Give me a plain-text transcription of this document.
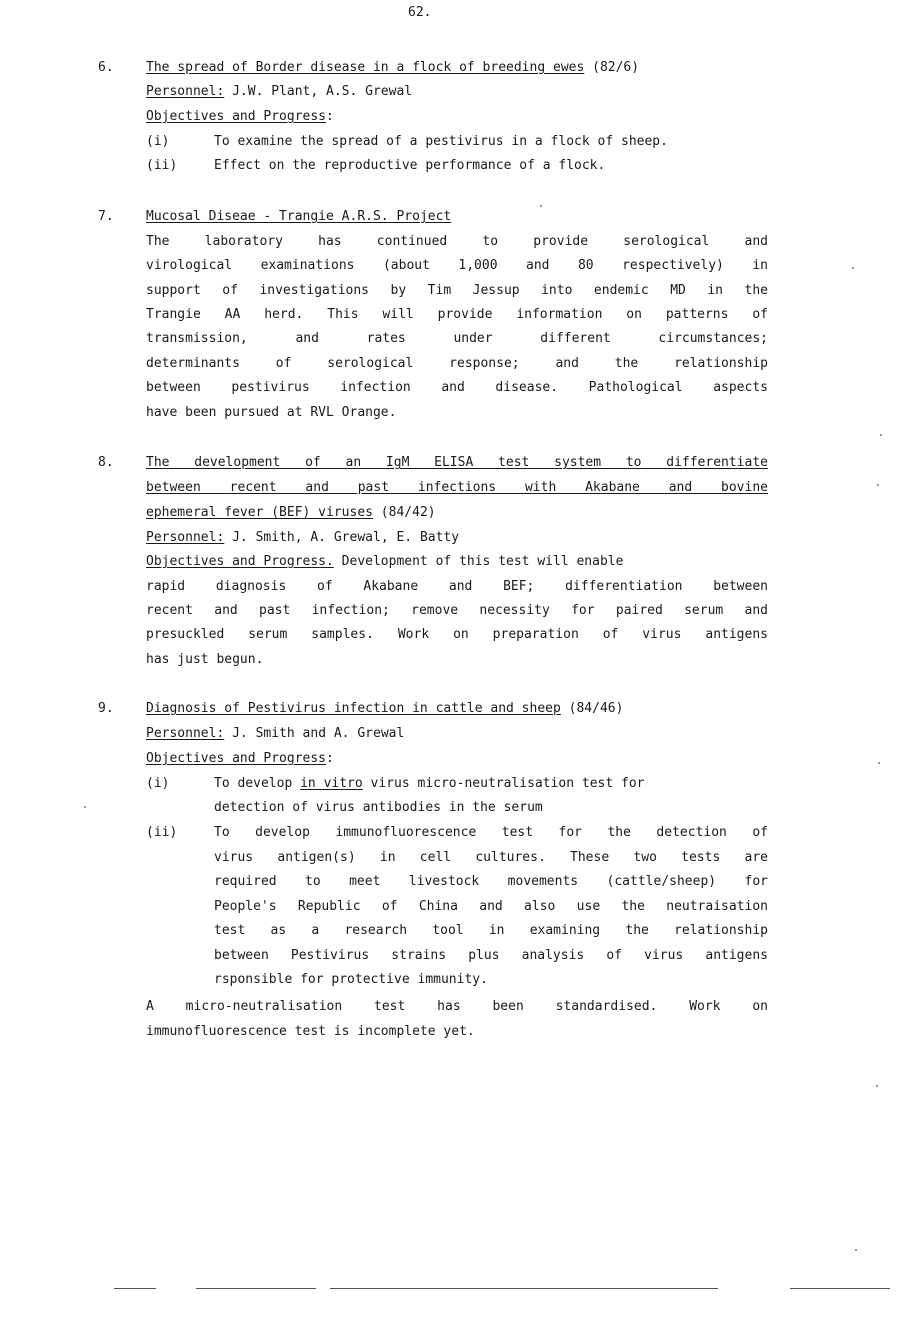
62.
6. The spread of Border disease in a flock of breeding ewes (82/6)
Personnel: J.W. Plant, A.S. Grewal
Objectives and Progress:
(i)	To examine the spread of a pestivirus in a flock of sheep.
(ii)	Effect on the reproductive performance of a flock.
7. Mucosal Diseae - Trangie A.R.S. Project
The laboratory has continued to provide serological and
virological examinations (about 1,000 and 80 respectively) in
support of investigations by Tim Jessup into endemic MD in the
Trangie AA herd. This will provide information on patterns of
transmission, and rates under different circumstances;
determinants of serological response; and the relationship
between pestivirus infection and disease. Pathological aspects
have been pursued at RVL Orange.
8. The development of an IgM ELISA test system to differentiate
between recent and past infections with Akabane and bovine
ephemeral fever (BEF) viruses (84/42)
Personnel: J. Smith, A. Grewal, E. Batty
Objectives and Progress. Development of this test will enable
rapid diagnosis of Akabane and BEF; differentiation between
recent and past infection; remove necessity for paired serum and
presuckled serum samples. Work on preparation of virus antigens
has just begun.
9. Diagnosis of Pestivirus infection in cattle and sheep (84/46)
Personnel: J. Smith and A. Grewal
Objectives and Progress:
(i)	To develop in vitro virus micro-neutralisation test for
detection of virus antibodies in the serum
(ii)	To develop immunofluorescence test for the detection of
virus antigen(s) in cell cultures. These two tests are
required to meet livestock movements (cattle/sheep) for
People's Republic of China and also use the neutraisation
test as a research tool in examining the relationship
between Pestivirus strains plus analysis of virus antigens
rsponsible for protective immunity.
A micro-neutralisation test has been standardised. Work on
immunofluorescence test is incomplete yet.
